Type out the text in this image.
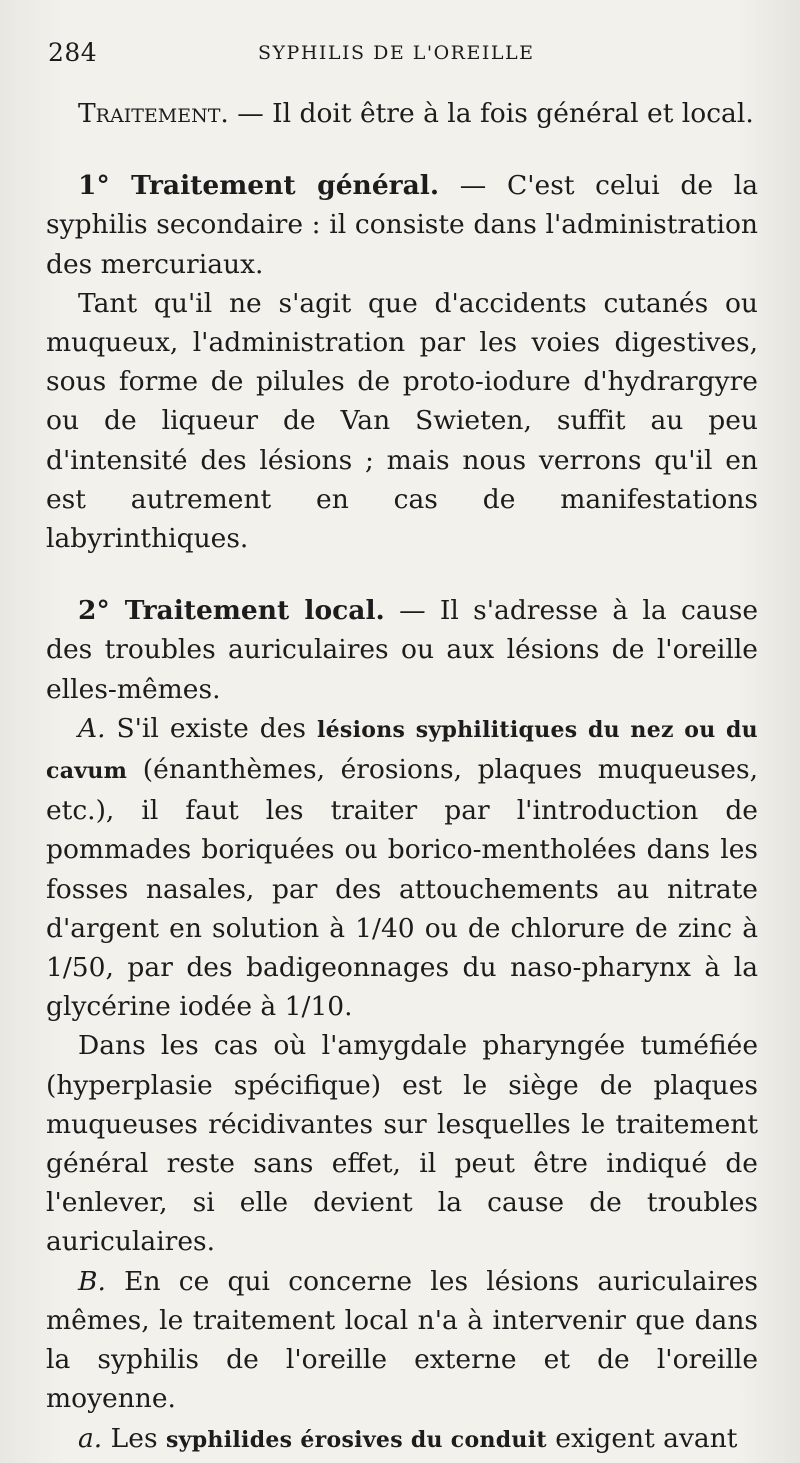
284	SYPHILIS DE L'OREILLE

Traitement. — Il doit être à la fois général et local.

1° Traitement général. — C'est celui de la syphilis secondaire : il consiste dans l'administration des mercuriaux.

Tant qu'il ne s'agit que d'accidents cutanés ou muqueux, l'administration par les voies digestives, sous forme de pilules de proto-iodure d'hydrargyre ou de liqueur de Van Swieten, suffit au peu d'intensité des lésions ; mais nous verrons qu'il en est autrement en cas de manifestations labyrinthiques.

2° Traitement local. — Il s'adresse à la cause des troubles auriculaires ou aux lésions de l'oreille elles-mêmes.

A. S'il existe des lésions syphilitiques du nez ou du cavum (énanthèmes, érosions, plaques muqueuses, etc.), il faut les traiter par l'introduction de pommades boriquées ou borico-mentholées dans les fosses nasales, par des attouchements au nitrate d'argent en solution à 1/40 ou de chlorure de zinc à 1/50, par des badigeonnages du naso-pharynx à la glycérine iodée à 1/10.

Dans les cas où l'amygdale pharyngée tuméfiée (hyperplasie spécifique) est le siège de plaques muqueuses récidivantes sur lesquelles le traitement général reste sans effet, il peut être indiqué de l'enlever, si elle devient la cause de troubles auriculaires.

B. En ce qui concerne les lésions auriculaires mêmes, le traitement local n'a à intervenir que dans la syphilis de l'oreille externe et de l'oreille moyenne.

a. Les syphilides érosives du conduit exigent avant
